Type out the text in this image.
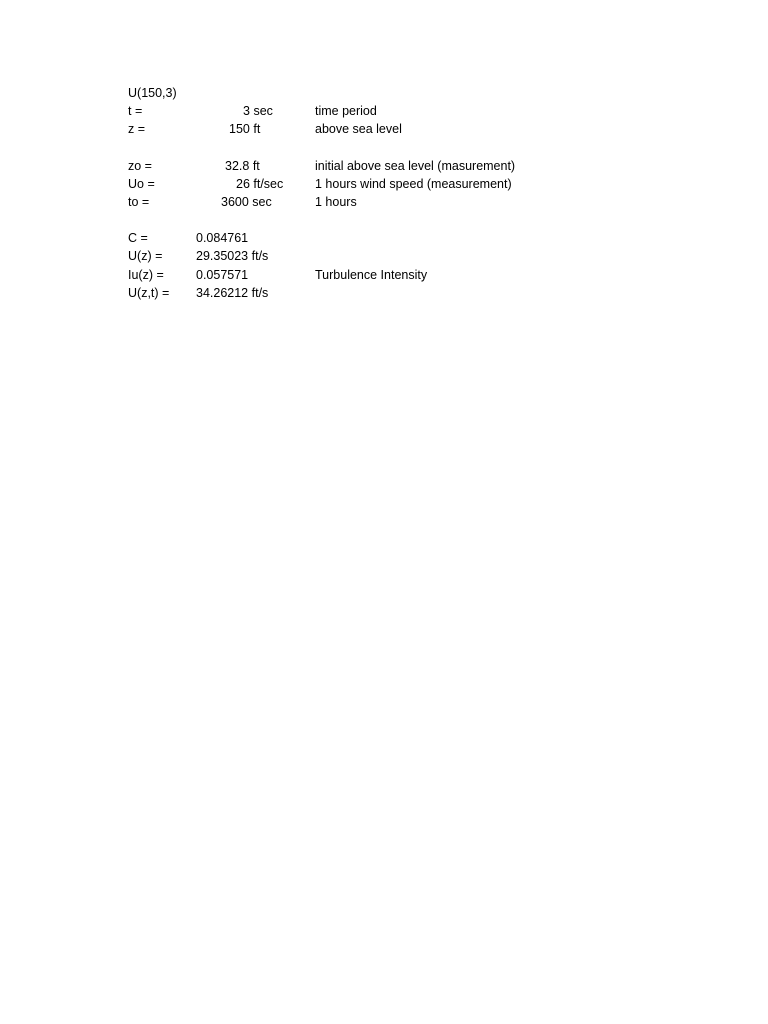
U(150,3)
t =	3 sec	time period
z =	150 ft	above sea level
zo =	32.8 ft	initial above sea level (masurement)
Uo =	26 ft/sec	1 hours wind speed (measurement)
to =	3600 sec	1 hours
C =	0.084761
U(z) =	29.35023 ft/s
Iu(z) =	0.057571	Turbulence Intensity
U(z,t) = 34.26212 ft/s
